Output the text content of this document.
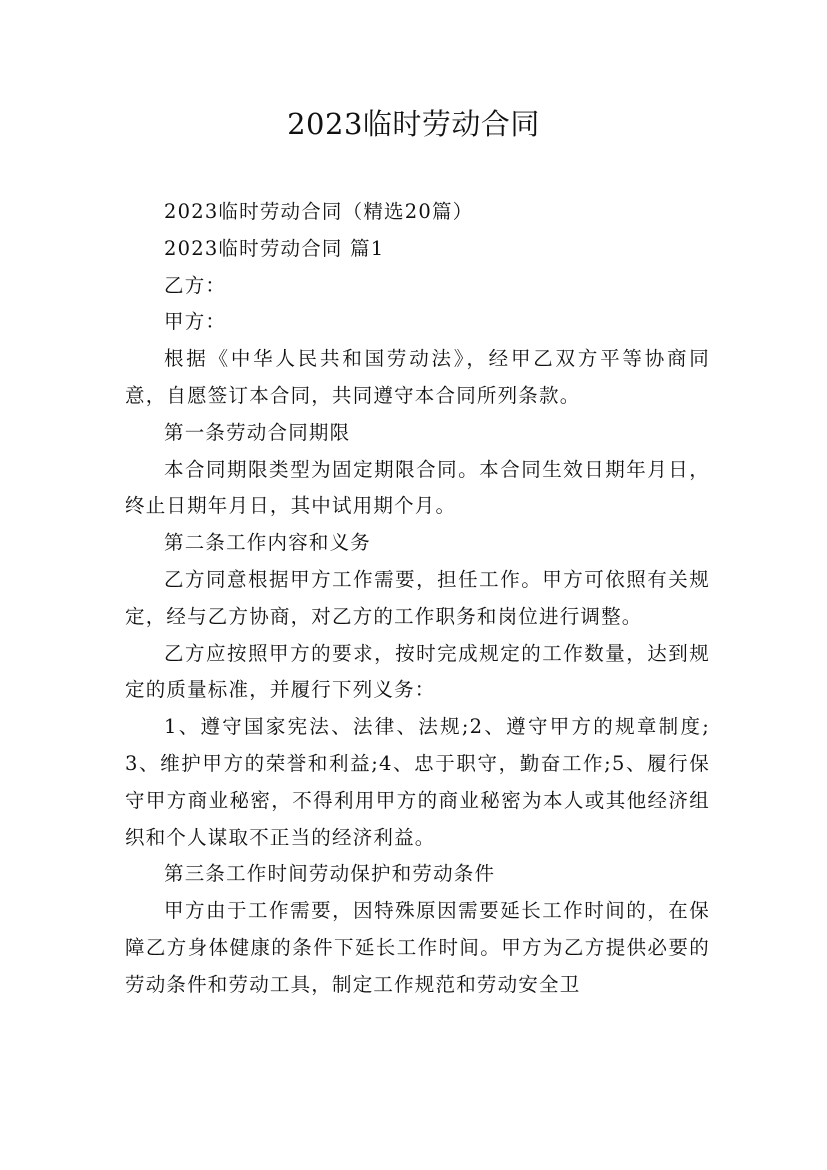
2023临时劳动合同

2023临时劳动合同（精选20篇）

2023临时劳动合同 篇1

乙方：

甲方：

根据《中华人民共和国劳动法》，经甲乙双方平等协商同意，自愿签订本合同，共同遵守本合同所列条款。

第一条劳动合同期限

本合同期限类型为固定期限合同。本合同生效日期年月日，终止日期年月日，其中试用期个月。

第二条工作内容和义务

乙方同意根据甲方工作需要，担任工作。甲方可依照有关规定，经与乙方协商，对乙方的工作职务和岗位进行调整。

乙方应按照甲方的要求，按时完成规定的工作数量，达到规定的质量标准，并履行下列义务：

1、遵守国家宪法、法律、法规;2、遵守甲方的规章制度;3、维护甲方的荣誉和利益;4、忠于职守，勤奋工作;5、履行保守甲方商业秘密，不得利用甲方的商业秘密为本人或其他经济组织和个人谋取不正当的经济利益。

第三条工作时间劳动保护和劳动条件

甲方由于工作需要，因特殊原因需要延长工作时间的，在保障乙方身体健康的条件下延长工作时间。甲方为乙方提供必要的劳动条件和劳动工具，制定工作规范和劳动安全卫
